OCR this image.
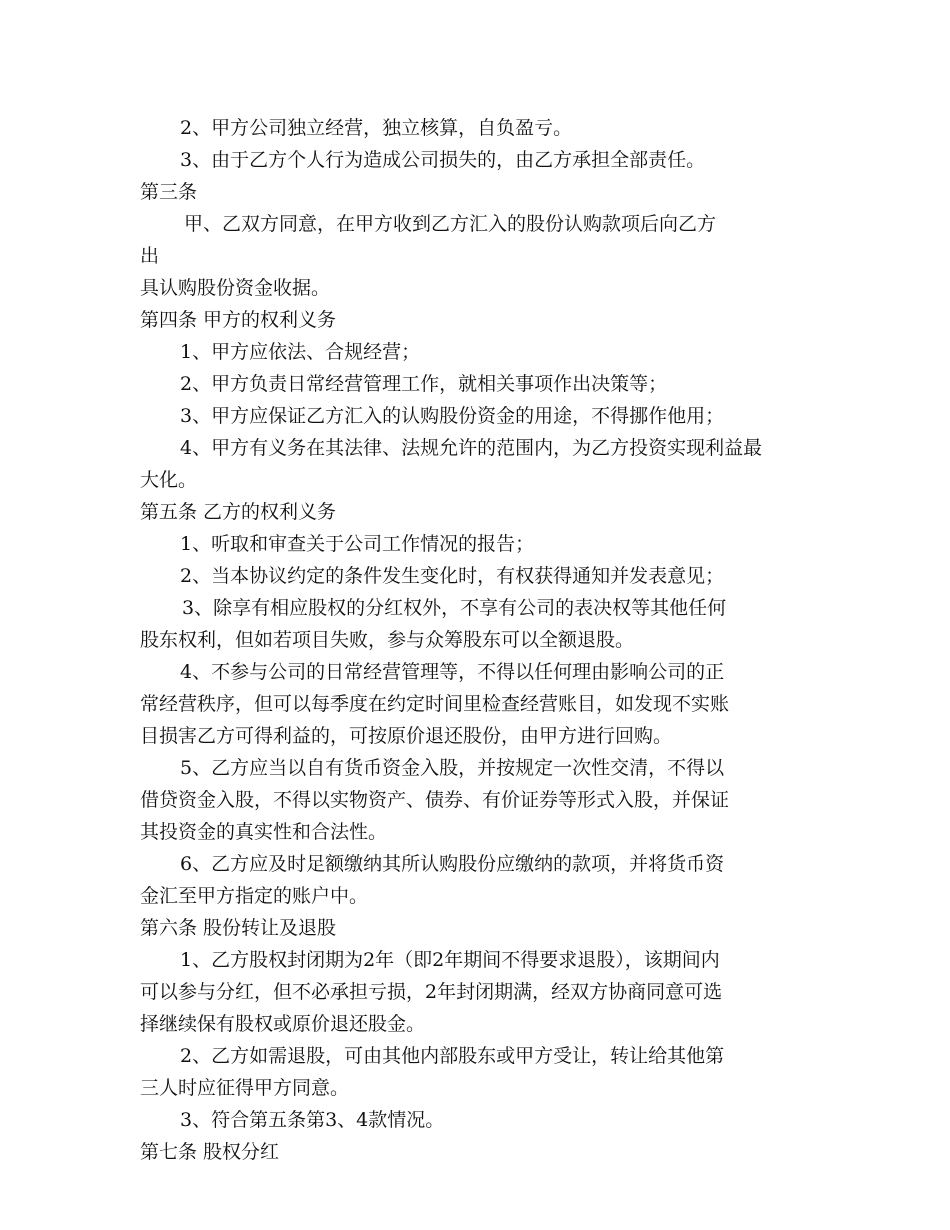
2、甲方公司独立经营，独立核算，自负盈亏。
3、由于乙方个人行为造成公司损失的，由乙方承担全部责任。
第三条
甲、乙双方同意，在甲方收到乙方汇入的股份认购款项后向乙方
出
具认购股份资金收据。
第四条 甲方的权利义务
1、甲方应依法、合规经营；
2、甲方负责日常经营管理工作，就相关事项作出决策等；
3、甲方应保证乙方汇入的认购股份资金的用途，不得挪作他用；
4、甲方有义务在其法律、法规允许的范围内，为乙方投资实现利益最
大化。
第五条 乙方的权利义务
1、听取和审查关于公司工作情况的报告；
2、当本协议约定的条件发生变化时，有权获得通知并发表意见；
3、除享有相应股权的分红权外，不享有公司的表决权等其他任何
股东权利，但如若项目失败，参与众筹股东可以全额退股。
4、不参与公司的日常经营管理等，不得以任何理由影响公司的正
常经营秩序，但可以每季度在约定时间里检查经营账目，如发现不实账
目损害乙方可得利益的，可按原价退还股份，由甲方进行回购。
5、乙方应当以自有货币资金入股，并按规定一次性交清，不得以
借贷资金入股，不得以实物资产、债券、有价证券等形式入股，并保证
其投资金的真实性和合法性。
6、乙方应及时足额缴纳其所认购股份应缴纳的款项，并将货币资
金汇至甲方指定的账户中。
第六条 股份转让及退股
1、乙方股权封闭期为2年（即2年期间不得要求退股），该期间内
可以参与分红，但不必承担亏损，2年封闭期满，经双方协商同意可选
择继续保有股权或原价退还股金。
2、乙方如需退股，可由其他内部股东或甲方受让，转让给其他第
三人时应征得甲方同意。
3、符合第五条第3、4款情况。
第七条 股权分红
